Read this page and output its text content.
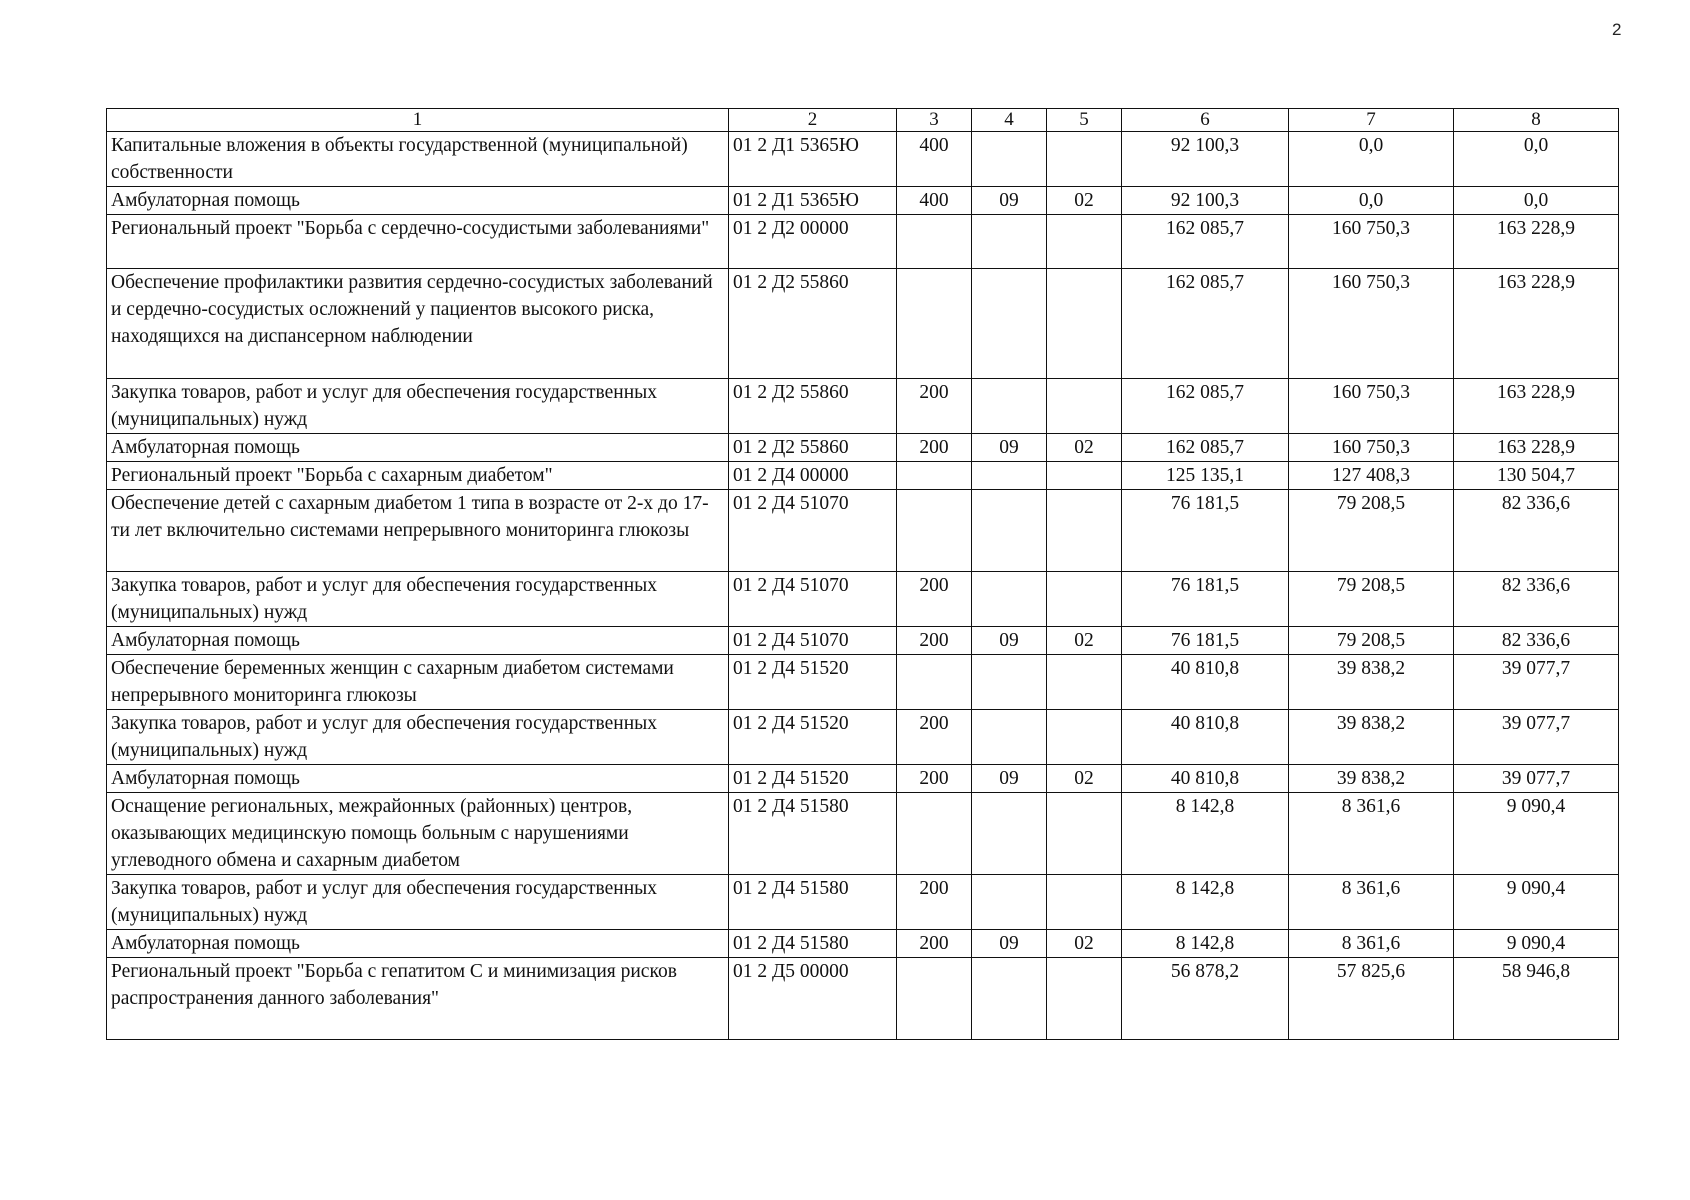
2
1	2	3	4	5	6	7	8
Капитальные вложения в объекты государственной (муниципальной) собственности	01 2 Д1 5365Ю	400			92 100,3	0,0	0,0
Амбулаторная помощь	01 2 Д1 5365Ю	400	09	02	92 100,3	0,0	0,0
Региональный проект "Борьба с сердечно-сосудистыми заболеваниями"	01 2 Д2 00000				162 085,7	160 750,3	163 228,9
Обеспечение профилактики развития сердечно-сосудистых заболеваний и сердечно-сосудистых осложнений у пациентов высокого риска, находящихся на диспансерном наблюдении	01 2 Д2 55860				162 085,7	160 750,3	163 228,9
Закупка товаров, работ и услуг для обеспечения государственных (муниципальных) нужд	01 2 Д2 55860	200			162 085,7	160 750,3	163 228,9
Амбулаторная помощь	01 2 Д2 55860	200	09	02	162 085,7	160 750,3	163 228,9
Региональный проект "Борьба с сахарным диабетом"	01 2 Д4 00000				125 135,1	127 408,3	130 504,7
Обеспечение детей с сахарным диабетом 1 типа в возрасте от 2-х до 17-ти лет включительно системами непрерывного мониторинга глюкозы	01 2 Д4 51070				76 181,5	79 208,5	82 336,6
Закупка товаров, работ и услуг для обеспечения государственных (муниципальных) нужд	01 2 Д4 51070	200			76 181,5	79 208,5	82 336,6
Амбулаторная помощь	01 2 Д4 51070	200	09	02	76 181,5	79 208,5	82 336,6
Обеспечение беременных женщин с сахарным диабетом системами непрерывного мониторинга глюкозы	01 2 Д4 51520				40 810,8	39 838,2	39 077,7
Закупка товаров, работ и услуг для обеспечения государственных (муниципальных) нужд	01 2 Д4 51520	200			40 810,8	39 838,2	39 077,7
Амбулаторная помощь	01 2 Д4 51520	200	09	02	40 810,8	39 838,2	39 077,7
Оснащение региональных, межрайонных (районных) центров, оказывающих медицинскую помощь больным с нарушениями углеводного обмена и сахарным диабетом	01 2 Д4 51580				8 142,8	8 361,6	9 090,4
Закупка товаров, работ и услуг для обеспечения государственных (муниципальных) нужд	01 2 Д4 51580	200			8 142,8	8 361,6	9 090,4
Амбулаторная помощь	01 2 Д4 51580	200	09	02	8 142,8	8 361,6	9 090,4
Региональный проект "Борьба с гепатитом С и минимизация рисков распространения данного заболевания"	01 2 Д5 00000				56 878,2	57 825,6	58 946,8
